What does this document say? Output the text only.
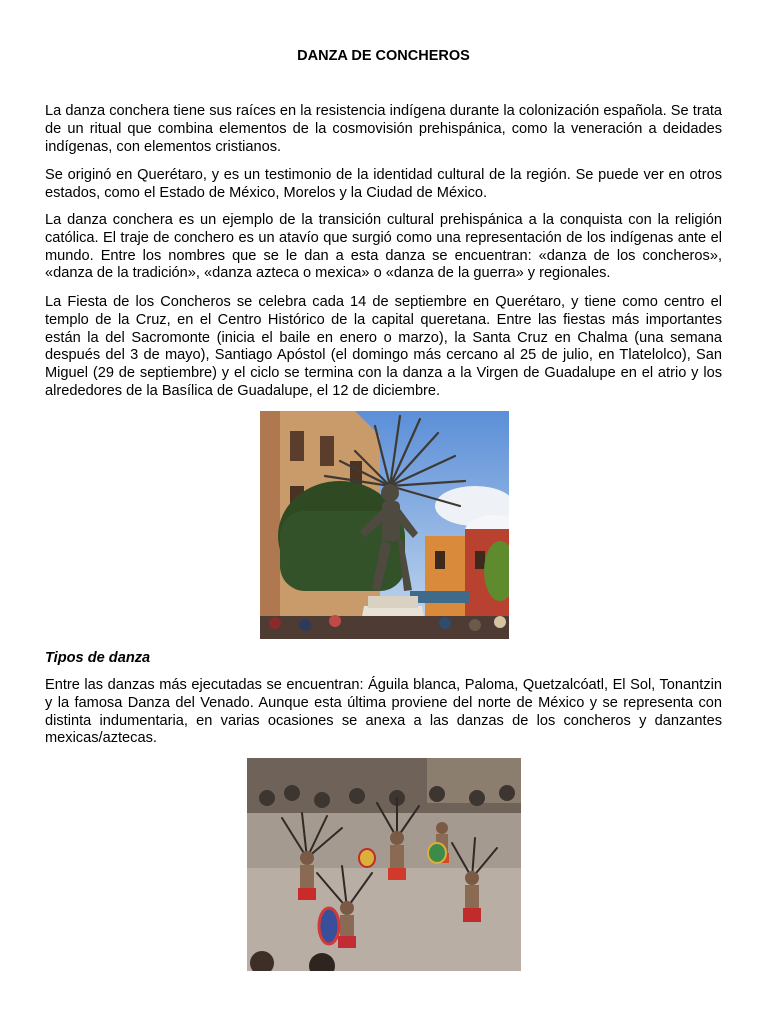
DANZA DE CONCHEROS

La danza conchera tiene sus raíces en la resistencia indígena durante la colonización española. Se trata de un ritual que combina elementos de la cosmovisión prehispánica, como la veneración a deidades indígenas, con elementos cristianos.

Se originó en Querétaro, y es un testimonio de la identidad cultural de la región. Se puede ver en otros estados, como el Estado de México, Morelos y la Ciudad de México.

La danza conchera es un ejemplo de la transición cultural prehispánica a la conquista con la religión católica. El traje de conchero es un atavío que surgió como una representación de los indígenas ante el mundo. Entre los nombres que se le dan a esta danza se encuentran: «danza de los concheros», «danza de la tradición», «danza azteca o mexica» o «danza de la guerra» y regionales.

La Fiesta de los Concheros se celebra cada 14 de septiembre en Querétaro, y tiene como centro el templo de la Cruz, en el Centro Histórico de la capital queretana. Entre las fiestas más importantes están la del Sacromonte (inicia el baile en enero o marzo), la Santa Cruz en Chalma (una semana después del 3 de mayo), Santiago Apóstol (el domingo más cercano al 25 de julio, en Tlatelolco), San Miguel (29 de septiembre) y el ciclo se termina con la danza a la Virgen de Guadalupe en el atrio y los alrededores de la Basílica de Guadalupe, el 12 de diciembre.

Tipos de danza

Entre las danzas más ejecutadas se encuentran: Águila blanca, Paloma, Quetzalcóatl, El Sol, Tonantzin y la famosa Danza del Venado. Aunque esta última proviene del norte de México y se representa con distinta indumentaria, en varias ocasiones se anexa a las danzas de los concheros y danzantes mexicas/aztecas.
